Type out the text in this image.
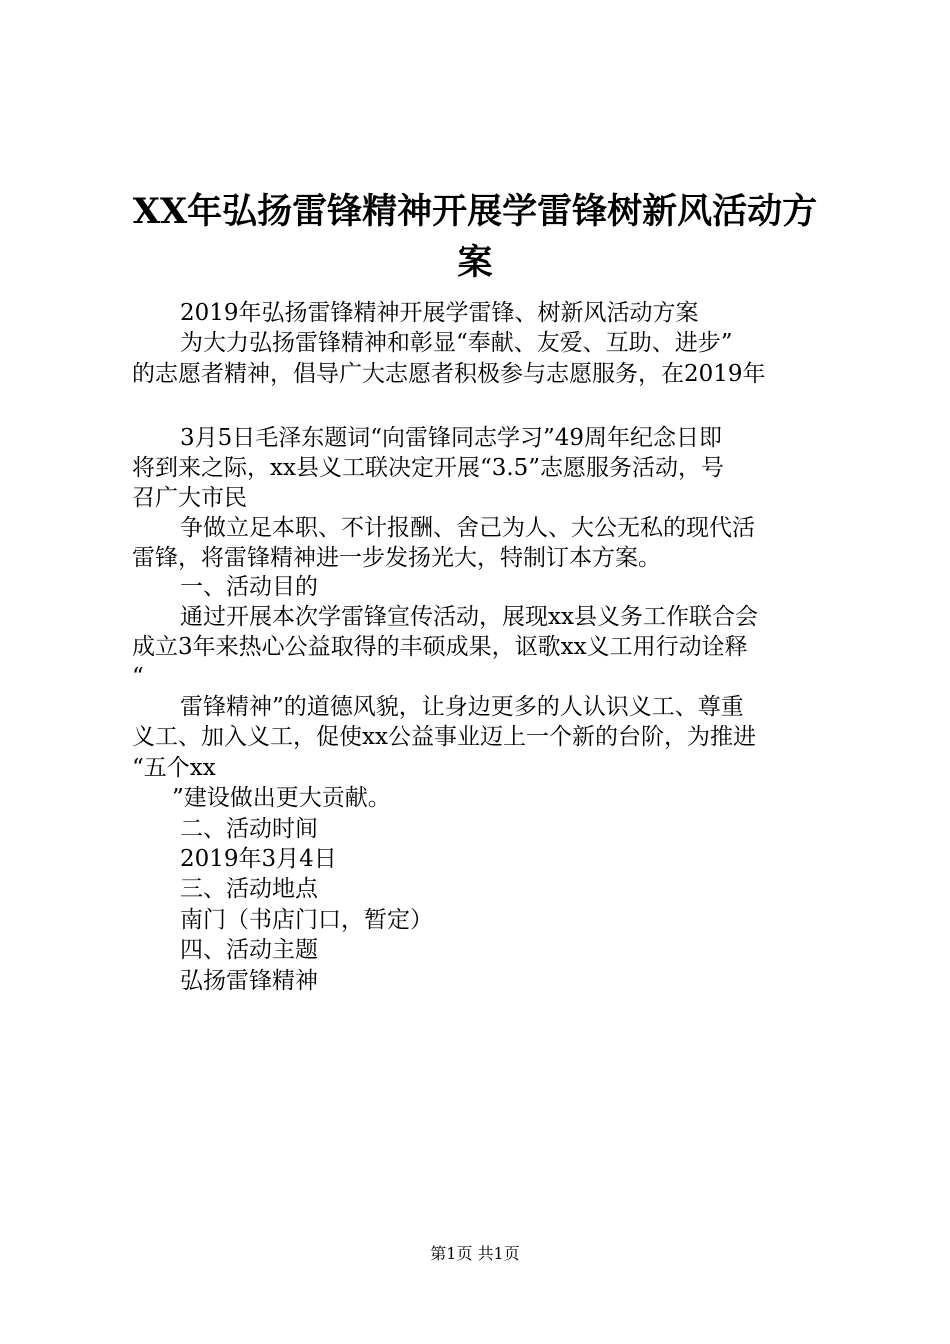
XX年弘扬雷锋精神开展学雷锋树新风活动方
案
2019年弘扬雷锋精神开展学雷锋、树新风活动方案
为大力弘扬雷锋精神和彰显“奉献、友爱、互助、进步”
的志愿者精神，倡导广大志愿者积极参与志愿服务，在2019年
3月5日毛泽东题词“向雷锋同志学习”49周年纪念日即
将到来之际，xx县义工联决定开展“3.5”志愿服务活动，号
召广大市民
争做立足本职、不计报酬、舍己为人、大公无私的现代活
雷锋，将雷锋精神进一步发扬光大，特制订本方案。
一、活动目的
通过开展本次学雷锋宣传活动，展现xx县义务工作联合会
成立3年来热心公益取得的丰硕成果，讴歌xx义工用行动诠释
“
雷锋精神”的道德风貌，让身边更多的人认识义工、尊重
义工、加入义工，促使xx公益事业迈上一个新的台阶，为推进
“五个xx
”建设做出更大贡献。
二、活动时间
2019年3月4日
三、活动地点
南门（书店门口，暂定）
四、活动主题
弘扬雷锋精神
第1页 共1页
